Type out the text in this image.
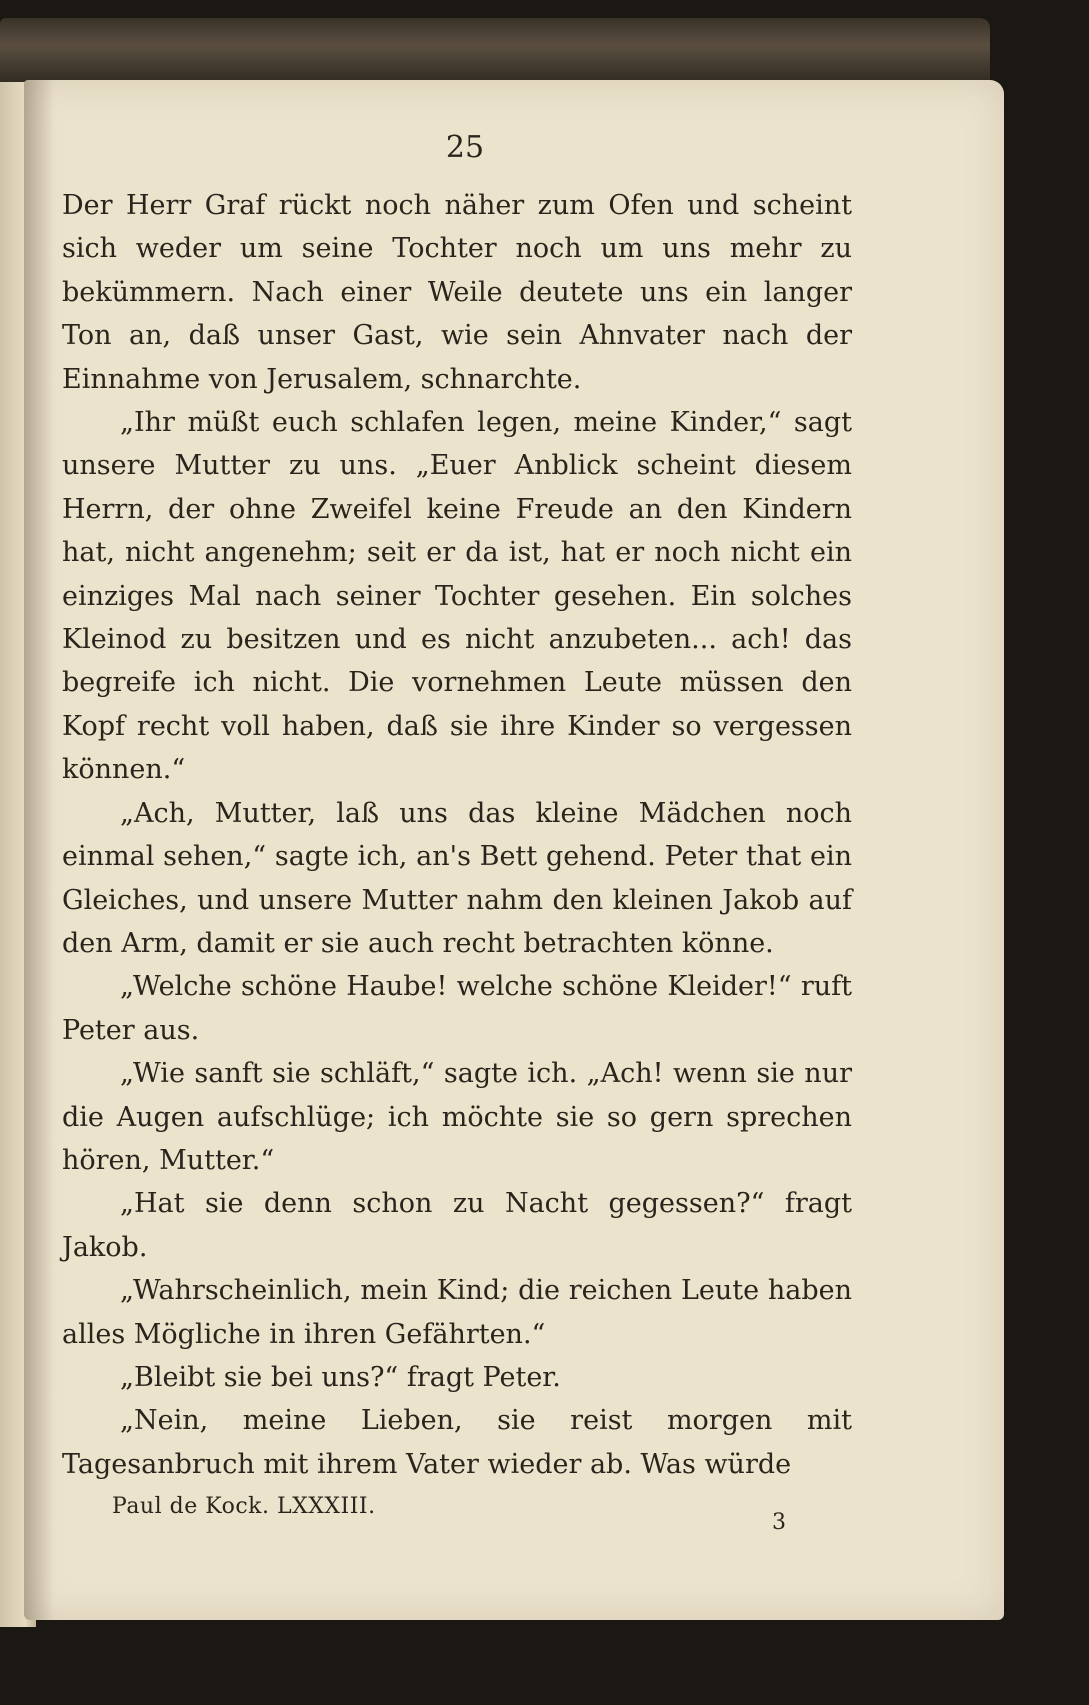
25

Der Herr Graf rückt noch näher zum Ofen und scheint sich weder um seine Tochter noch um uns mehr zu bekümmern. Nach einer Weile deutete uns ein langer Ton an, daß unser Gast, wie sein Ahnvater nach der Einnahme von Jerusalem, schnarchte.

„Ihr müßt euch schlafen legen, meine Kinder,“ sagt unsere Mutter zu uns. „Euer Anblick scheint diesem Herrn, der ohne Zweifel keine Freude an den Kindern hat, nicht angenehm; seit er da ist, hat er noch nicht ein einziges Mal nach seiner Tochter gesehen. Ein solches Kleinod zu besitzen und es nicht anzubeten... ach! das begreife ich nicht. Die vornehmen Leute müssen den Kopf recht voll haben, daß sie ihre Kinder so vergessen können.“

„Ach, Mutter, laß uns das kleine Mädchen noch einmal sehen,“ sagte ich, an's Bett gehend. Peter that ein Gleiches, und unsere Mutter nahm den kleinen Jakob auf den Arm, damit er sie auch recht betrachten könne.

„Welche schöne Haube! welche schöne Kleider!“ ruft Peter aus.

„Wie sanft sie schläft,“ sagte ich. „Ach! wenn sie nur die Augen aufschlüge; ich möchte sie so gern sprechen hören, Mutter.“

„Hat sie denn schon zu Nacht gegessen?“ fragt Jakob.

„Wahrscheinlich, mein Kind; die reichen Leute haben alles Mögliche in ihren Gefährten.“

„Bleibt sie bei uns?“ fragt Peter.

„Nein, meine Lieben, sie reist morgen mit Tagesanbruch mit ihrem Vater wieder ab. Was würde

Paul de Kock. LXXXIII.
3
